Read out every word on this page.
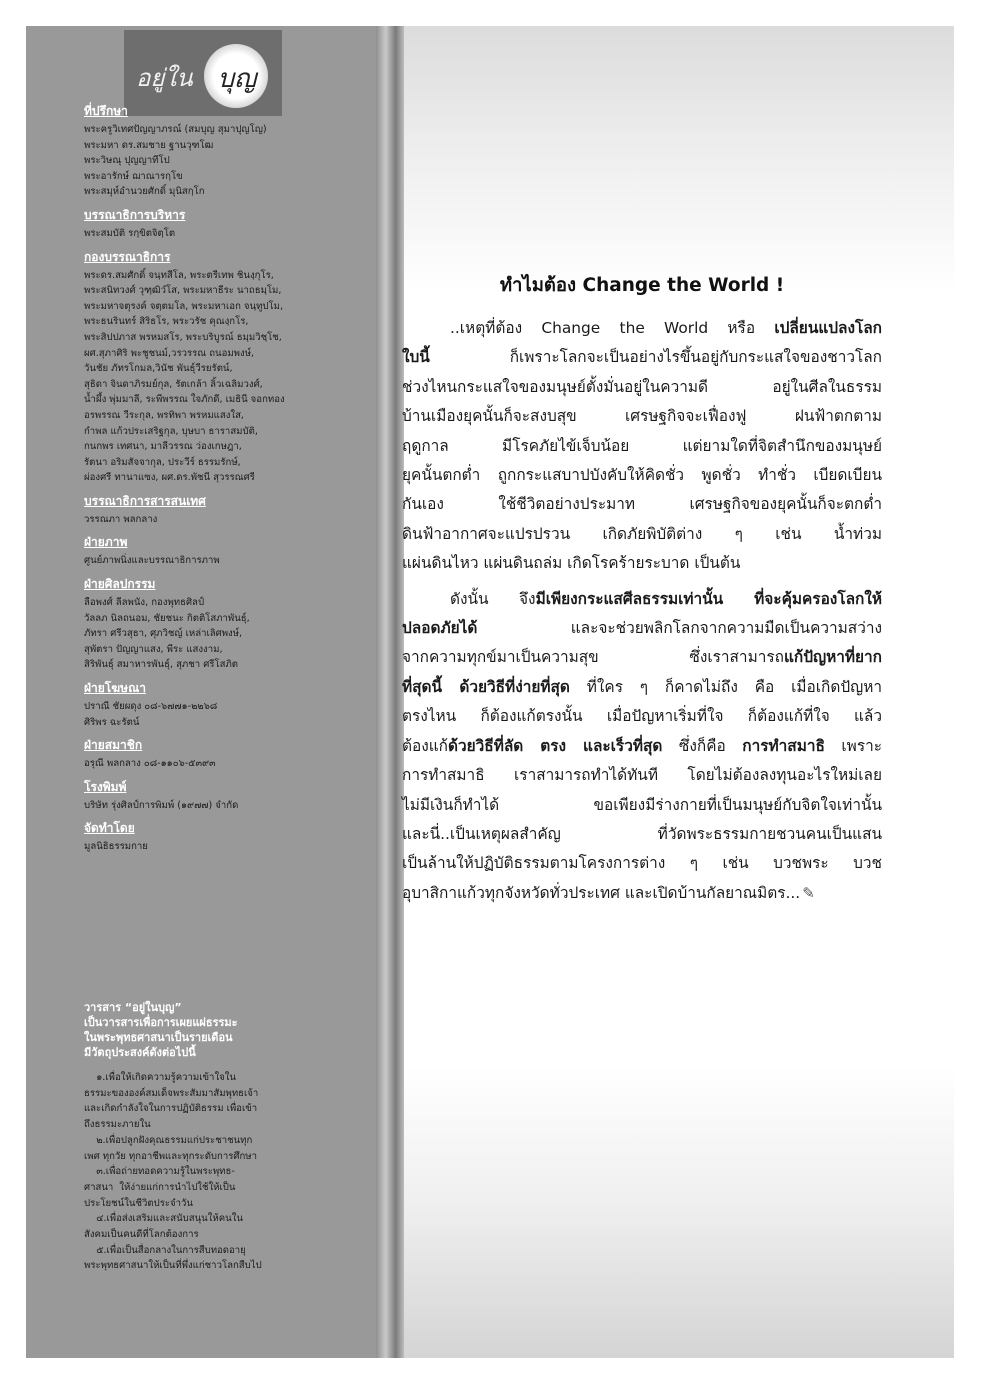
อยู่ใน บุญ
ที่ปรึกษา
พระครูวิเทศปัญญาภรณ์ (สมบุญ สุมาปุญโญ)
พระมหา ดร.สมชาย ฐานวุฑโฒ
พระวิษณุ ปุญญาทีโป
พระอารักษ์ ฌาณารกฺโข
พระสมุห์อำนวยศักดิ์ มุนิสกฺโก
บรรณาธิการบริหาร
พระสมบัติ รกฺขิตจิตฺโต
กองบรรณาธิการ
พระดร.สมศักดิ์ จนฺทสีโล, พระตรีเทพ ชินงฺกุโร,
พระสนิทวงศ์ วุฑฺฒิวํโส, พระมหาธีระ นาถธมฺโม,
พระมหาจตุรงค์ จตฺตมโล, พระมหาเอก จนฺทูปโม,
พระธนรินทร์ สิริธโร, พระวรัช คุณงฺกโร,
พระสิปปภาส พรหมสโร, พระบริบูรณ์ ธมฺมวิชฺโช,
ผศ.สุภาศิริ พะชูชนม์,วรวรรณ ถนอมพงษ์,
วันชัย ภัทรโกมล,วินัช พันธุ์วีรยรัตน์,
สุธิดา จินดาภิรมย์กุล, รัตเกล้า ลิ้วเฉลิมวงศ์,
น้ำผึ้ง พุ่มมาลี, ระพีพรรณ ใจภักดี, เมธินี จอกทอง
อรพรรณ วีระกุล, พรทิพา พรหมแสงใส,
กำพล แก้วประเสริฐกุล, บุษบา ธาราสมบัติ,
กนกพร เทศนา, มาลีวรรณ ว่องเกษฎา,
รัตนา อริมสัจจากุล, ประวีร์ ธรรมรักษ์,
ผ่องศรี ทานาแซง, ผศ.ดร.พัชนี สุวรรณศรี
บรรณาธิการสารสนเทศ
วรรณภา พลกลาง
ฝ่ายภาพ
ศูนย์ภาพนิ่งและบรรณาธิการภาพ
ฝ่ายศิลปกรรม
ลือพงศ์ ลีลพนัง, กองพุทธศิลป์
วัลลภ นิลถนอม, ชัยชนะ กิตติโสภาพันธุ์,
ภัทรา ศรีวสุธา, ศุภวิชญ์ เหล่าเลิศพงษ์,
สุพัตรา ปัญญาแสง, พีระ แสงงาม,
สิริพันธุ์ สมาหารพันธุ์, สุภชา ศรีโสภิต
ฝ่ายโฆษณา
ปราณี ชัยผดุง ๐๘-๖๗๗๑-๒๒๖๘
ศิริพร ฉะรัตน์
ฝ่ายสมาชิก
อรุณี พลกลาง ๐๘-๑๑๐๖-๕๓๙๓
โรงพิมพ์
บริษัท รุ่งศิลป์การพิมพ์ (๑๙๗๗) จำกัด
จัดทำโดย
มูลนิธิธรรมกาย
วารสาร “อยู่ในบุญ”
เป็นวารสารเพื่อการเผยแผ่ธรรมะ
ในพระพุทธศาสนาเป็นรายเดือน
มีวัตถุประสงค์ดังต่อไปนี้
๑.เพื่อให้เกิดความรู้ความเข้าใจใน
ธรรมะขององค์สมเด็จพระสัมมาสัมพุทธเจ้า
และเกิดกำลังใจในการปฏิบัติธรรม เพื่อเข้า
ถึงธรรมะภายใน
๒.เพื่อปลูกฝังคุณธรรมแก่ประชาชนทุก
เพศ ทุกวัย ทุกอาชีพและทุกระดับการศึกษา
๓.เพื่อถ่ายทอดความรู้ในพระพุทธ-
ศาสนา  ให้ง่ายแก่การนำไปใช้ให้เป็น
ประโยชน์ในชีวิตประจำวัน
๔.เพื่อส่งเสริมและสนับสนุนให้คนใน
สังคมเป็นคนดีที่โลกต้องการ
๕.เพื่อเป็นสื่อกลางในการสืบทอดอายุ
พระพุทธศาสนาให้เป็นที่พึ่งแก่ชาวโลกสืบไป
ทำไมต้อง Change the World !
..เหตุที่ต้อง Change the World หรือ เปลี่ยนแปลงโลก
ใบนี้ ก็เพราะโลกจะเป็นอย่างไรขึ้นอยู่กับกระแสใจของชาวโลก
ช่วงไหนกระแสใจของมนุษย์ตั้งมั่นอยู่ในความดี อยู่ในศีลในธรรม
บ้านเมืองยุคนั้นก็จะสงบสุข เศรษฐกิจจะเฟื่องฟู ฝนฟ้าตกตาม
ฤดูกาล มีโรคภัยไข้เจ็บน้อย แต่ยามใดที่จิตสำนึกของมนุษย์
ยุคนั้นตกต่ำ ถูกกระแสบาปบังคับให้คิดชั่ว พูดชั่ว ทำชั่ว เบียดเบียน
กันเอง ใช้ชีวิตอย่างประมาท เศรษฐกิจของยุคนั้นก็จะตกต่ำ
ดินฟ้าอากาศจะแปรปรวน เกิดภัยพิบัติต่าง ๆ เช่น น้ำท่วม
แผ่นดินไหว แผ่นดินถล่ม เกิดโรคร้ายระบาด เป็นต้น
ดังนั้น จึงมีเพียงกระแสศีลธรรมเท่านั้น ที่จะคุ้มครองโลกให้
ปลอดภัยได้ และจะช่วยพลิกโลกจากความมืดเป็นความสว่าง
จากความทุกข์มาเป็นความสุข ซึ่งเราสามารถแก้ปัญหาที่ยาก
ที่สุดนี้ ด้วยวิธีที่ง่ายที่สุด ที่ใคร ๆ ก็คาดไม่ถึง คือ เมื่อเกิดปัญหา
ตรงไหน ก็ต้องแก้ตรงนั้น เมื่อปัญหาเริ่มที่ใจ ก็ต้องแก้ที่ใจ แล้ว
ต้องแก้ด้วยวิธีที่ลัด ตรง และเร็วที่สุด ซึ่งก็คือ การทำสมาธิ เพราะ
การทำสมาธิ เราสามารถทำได้ทันที โดยไม่ต้องลงทุนอะไรใหม่เลย
ไม่มีเงินก็ทำได้ ขอเพียงมีร่างกายที่เป็นมนุษย์กับจิตใจเท่านั้น
และนี่..เป็นเหตุผลสำคัญ ที่วัดพระธรรมกายชวนคนเป็นแสน
เป็นล้านให้ปฏิบัติธรรมตามโครงการต่าง ๆ เช่น บวชพระ บวช
อุบาสิกาแก้วทุกจังหวัดทั่วประเทศ และเปิดบ้านกัลยาณมิตร... ✎
